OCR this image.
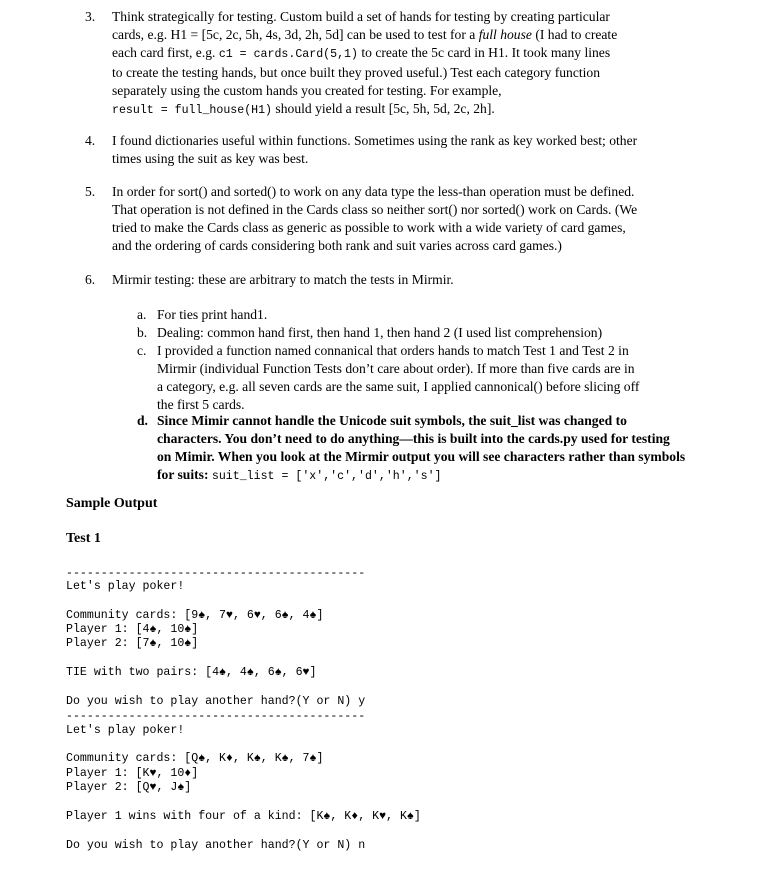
3.	Think strategically for testing. Custom build a set of hands for testing by creating particular
cards, e.g. H1 = [5c, 2c, 5h, 4s, 3d, 2h, 5d] can be used to test for a full house (I had to create
each card first, e.g. c1 = cards.Card(5,1) to create the 5c card in H1. It took many lines
to create the testing hands, but once built they proved useful.) Test each category function
separately using the custom hands you created for testing. For example,
result = full_house(H1) should yield a result [5c, 5h, 5d, 2c, 2h].
4.	I found dictionaries useful within functions. Sometimes using the rank as key worked best; other
times using the suit as key was best.
5.	In order for sort() and sorted() to work on any data type the less-than operation must be defined.
That operation is not defined in the Cards class so neither sort() nor sorted() work on Cards. (We
tried to make the Cards class as generic as possible to work with a wide variety of card games,
and the ordering of cards considering both rank and suit varies across card games.)
6.	Mirmir testing: these are arbitrary to match the tests in Mirmir.
a. For ties print hand1.
b. Dealing: common hand first, then hand 1, then hand 2 (I used list comprehension)
c. I provided a function named connanical that orders hands to match Test 1 and Test 2 in
Mirmir (individual Function Tests don’t care about order). If more than five cards are in
a category, e.g. all seven cards are the same suit, I applied cannonical() before slicing off
the first 5 cards.
d. Since Mimir cannot handle the Unicode suit symbols, the suit_list was changed to
characters. You don’t need to do anything—this is built into the cards.py used for testing
on Mimir. When you look at the Mirmir output you will see characters rather than symbols
for suits: suit_list = ['x','c','d','h','s']
Sample Output
Test 1
-------------------------------------------
Let's play poker!
Community cards: [9♠, 7♥, 6♥, 6♠, 4♠]
Player 1: [4♠, 10♠]
Player 2: [7♠, 10♠]
TIE with two pairs: [4♠, 4♠, 6♠, 6♥]
Do you wish to play another hand?(Y or N) y
-------------------------------------------
Let's play poker!
Community cards: [Q♠, K♦, K♠, K♠, 7♠]
Player 1: [K♥, 10♦]
Player 2: [Q♥, J♠]
Player 1 wins with four of a kind: [K♠, K♦, K♥, K♠]
Do you wish to play another hand?(Y or N) n
